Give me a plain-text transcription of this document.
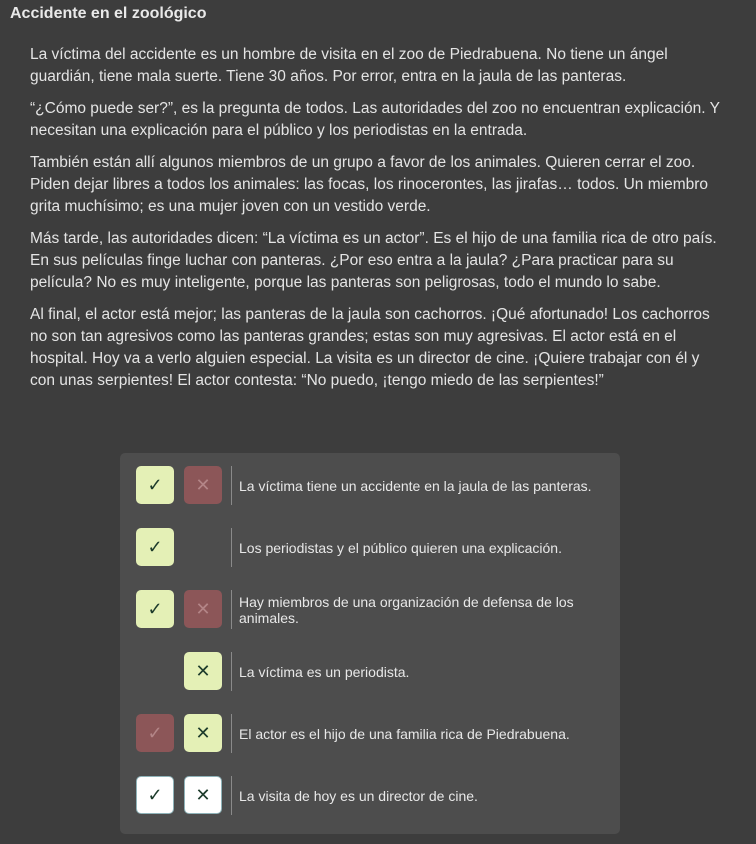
Accidente en el zoológico

La víctima del accidente es un hombre de visita en el zoo de Piedrabuena. No tiene un ángel guardián, tiene mala suerte. Tiene 30 años. Por error, entra en la jaula de las panteras.

“¿Cómo puede ser?”, es la pregunta de todos. Las autoridades del zoo no encuentran explicación. Y necesitan una explicación para el público y los periodistas en la entrada.

También están allí algunos miembros de un grupo a favor de los animales. Quieren cerrar el zoo. Piden dejar libres a todos los animales: las focas, los rinocerontes, las jirafas… todos. Un miembro grita muchísimo; es una mujer joven con un vestido verde.

Más tarde, las autoridades dicen: “La víctima es un actor”. Es el hijo de una familia rica de otro país. En sus películas finge luchar con panteras. ¿Por eso entra a la jaula? ¿Para practicar para su película? No es muy inteligente, porque las panteras son peligrosas, todo el mundo lo sabe.

Al final, el actor está mejor; las panteras de la jaula son cachorros. ¡Qué afortunado! Los cachorros no son tan agresivos como las panteras grandes; estas son muy agresivas. El actor está en el hospital. Hoy va a verlo alguien especial. La visita es un director de cine. ¡Quiere trabajar con él y con unas serpientes! El actor contesta: “No puedo, ¡tengo miedo de las serpientes!”

✓ ✕ La víctima tiene un accidente en la jaula de las panteras.
✓	Los periodistas y el público quieren una explicación.
✓ ✕ Hay miembros de una organización de defensa de los animales.
✕ La víctima es un periodista.
✓ ✕ El actor es el hijo de una familia rica de Piedrabuena.
✓ ✕ La visita de hoy es un director de cine.
